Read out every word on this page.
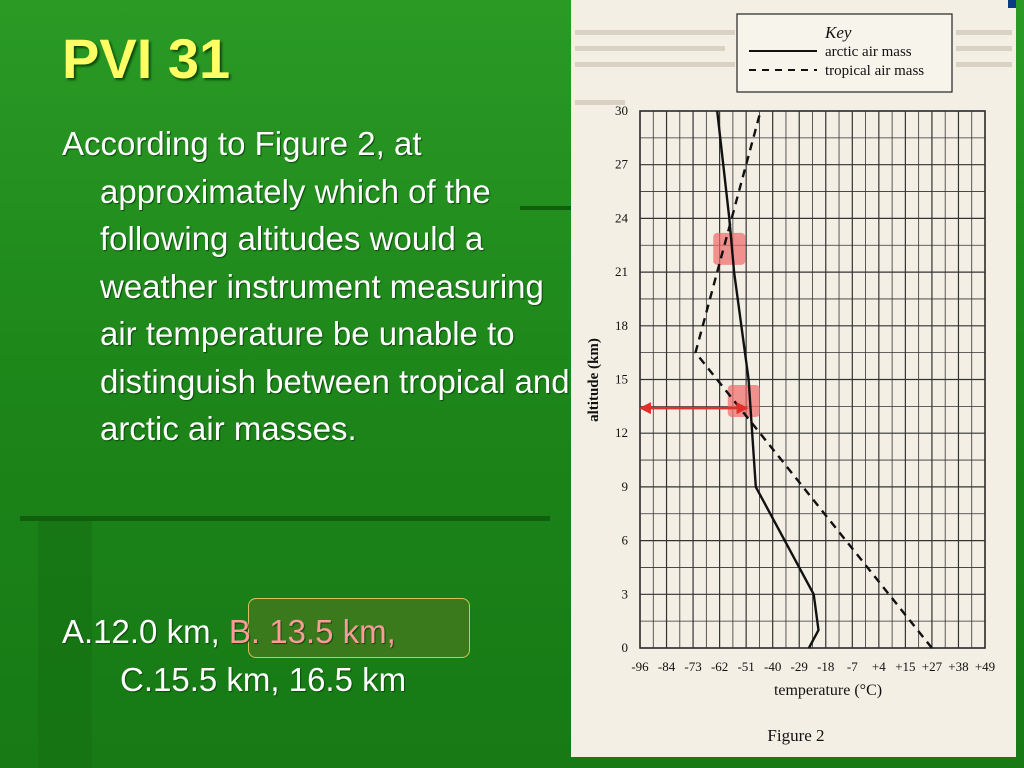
PVI 31
According to Figure 2, at approximately which of the following altitudes would a weather instrument measuring air temperature be unable to distinguish between tropical and arctic air masses.
A.12.0 km, B. 13.5 km,
C.15.5 km, 16.5 km
Key
arctic air mass
tropical air mass
-96 -84 -73 -62 -51 -40 -29 -18 -7 +4 +15 +27 +38 +49
0
3
6
9
12
15
18
21
24
27
30
temperature (°C)
altitude (km)
Figure 2
